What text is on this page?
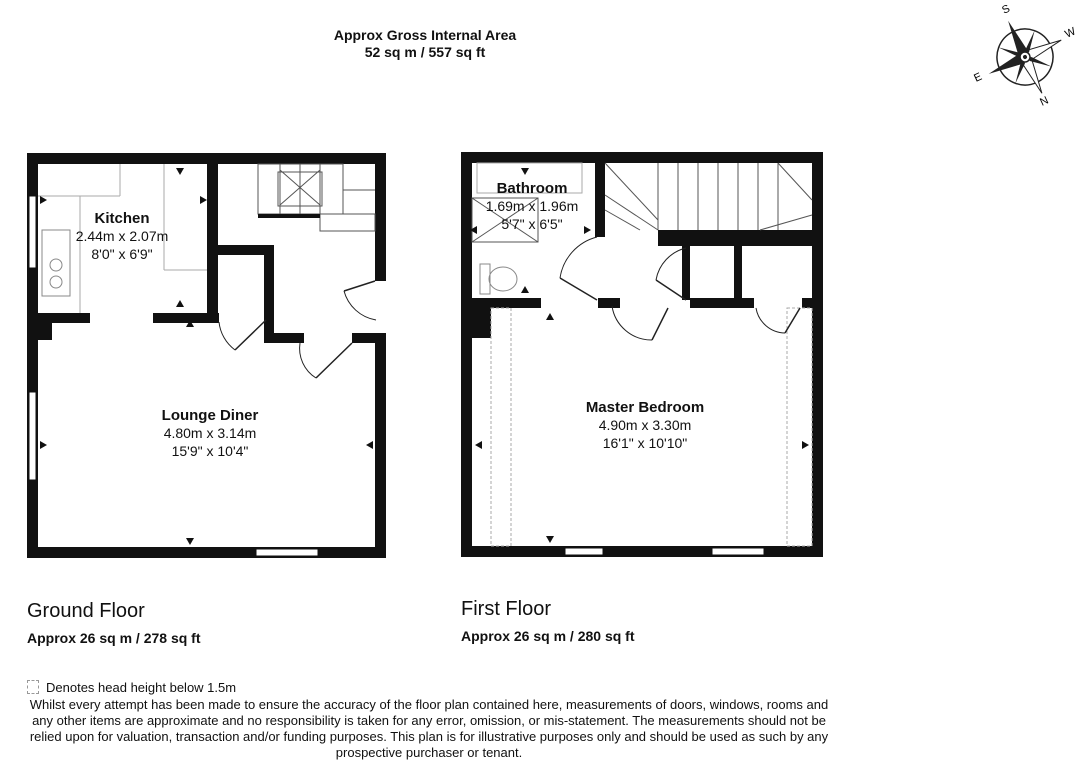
Approx Gross Internal Area
52 sq m / 557 sq ft
S
W
E
N
Kitchen
2.44m x 2.07m
8'0" x 6'9"
Lounge Diner
4.80m x 3.14m
15'9" x 10'4"
Bathroom
1.69m x 1.96m
5'7" x 6'5"
Master Bedroom
4.90m x 3.30m
16'1" x 10'10"
Ground Floor
Approx 26 sq m / 278 sq ft
First Floor
Approx 26 sq m / 280 sq ft
Denotes head height below 1.5m
Whilst every attempt has been made to ensure the accuracy of the floor plan contained here, measurements of doors, windows, rooms and
any other items are approximate and no responsibility is taken for any error, omission, or mis-statement. The measurements should not be
relied upon for valuation, transaction and/or funding purposes. This plan is for illustrative purposes only and should be used as such by any
prospective purchaser or tenant.
